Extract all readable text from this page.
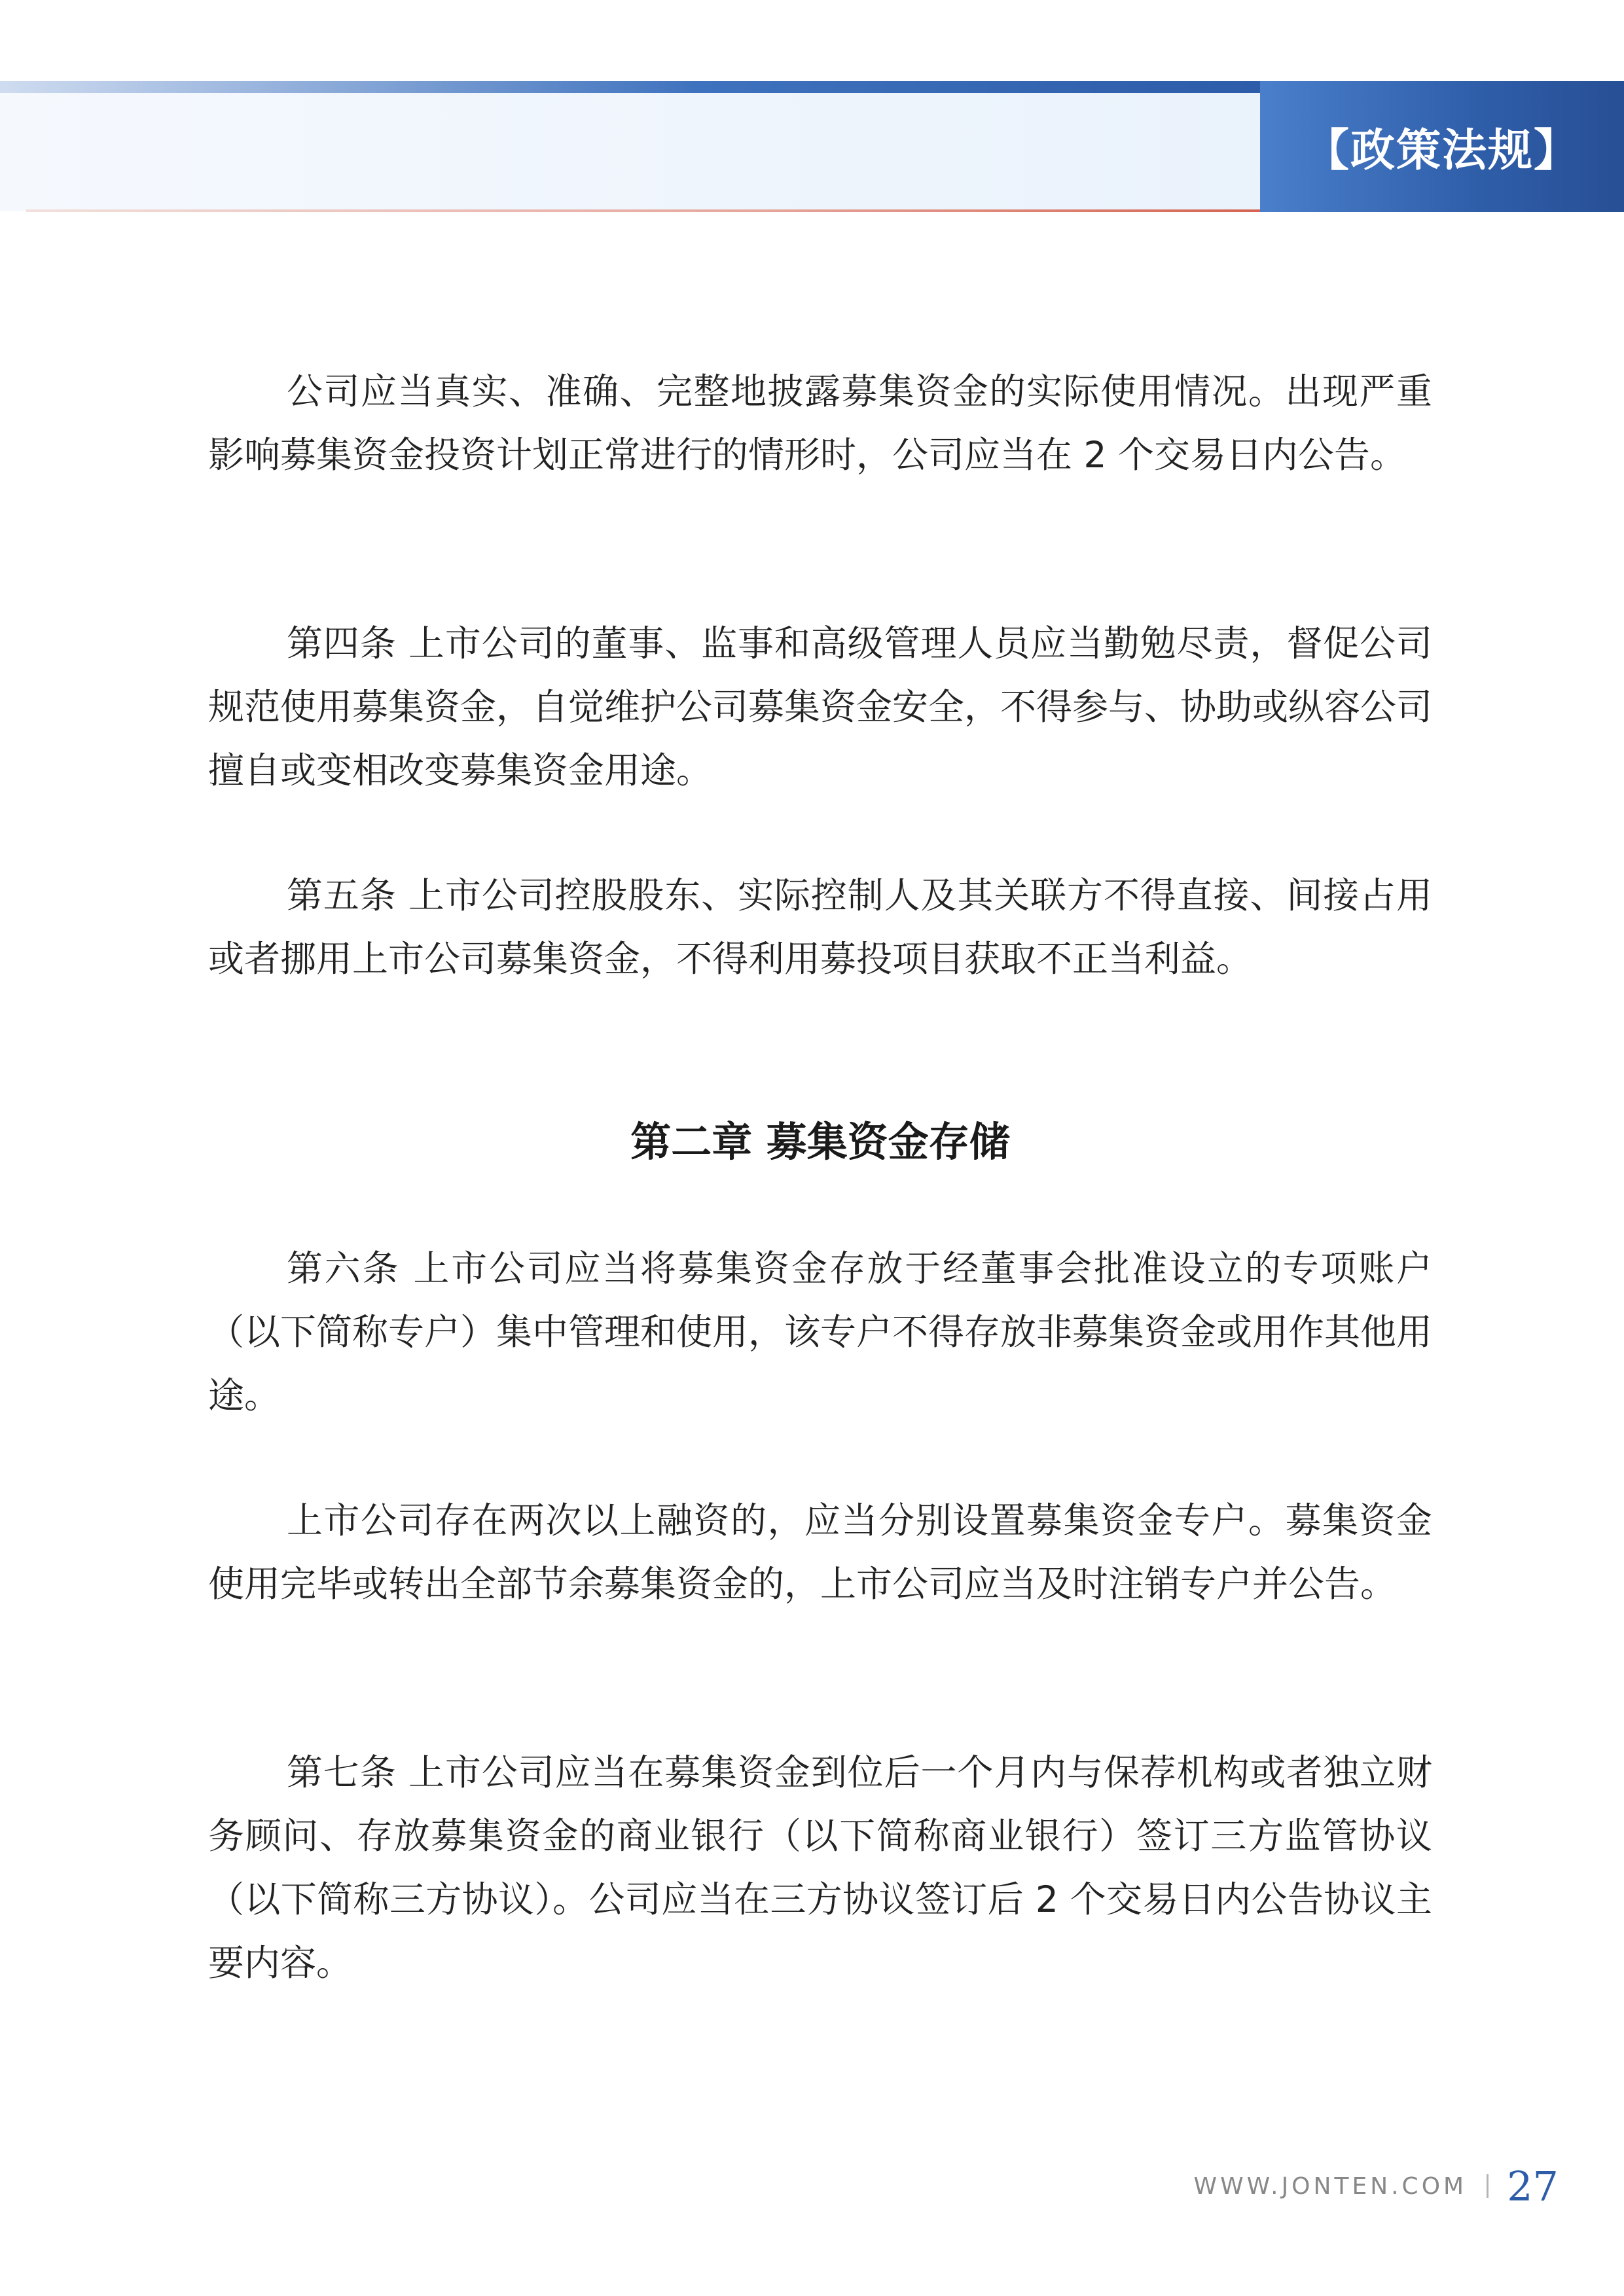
【政策法规】

公司应当真实、准确、完整地披露募集资金的实际使用情况。出现严重影响募集资金投资计划正常进行的情形时，公司应当在 2 个交易日内公告。

第四条 上市公司的董事、监事和高级管理人员应当勤勉尽责，督促公司规范使用募集资金，自觉维护公司募集资金安全，不得参与、协助或纵容公司擅自或变相改变募集资金用途。

第五条 上市公司控股股东、实际控制人及其关联方不得直接、间接占用或者挪用上市公司募集资金，不得利用募投项目获取不正当利益。

第二章 募集资金存储

第六条 上市公司应当将募集资金存放于经董事会批准设立的专项账户（以下简称专户）集中管理和使用，该专户不得存放非募集资金或用作其他用途。

上市公司存在两次以上融资的，应当分别设置募集资金专户。募集资金使用完毕或转出全部节余募集资金的，上市公司应当及时注销专户并公告。

第七条 上市公司应当在募集资金到位后一个月内与保荐机构或者独立财务顾问、存放募集资金的商业银行（以下简称商业银行）签订三方监管协议（以下简称三方协议）。公司应当在三方协议签订后 2 个交易日内公告协议主要内容。

WWW.JONTEN.COM 27
